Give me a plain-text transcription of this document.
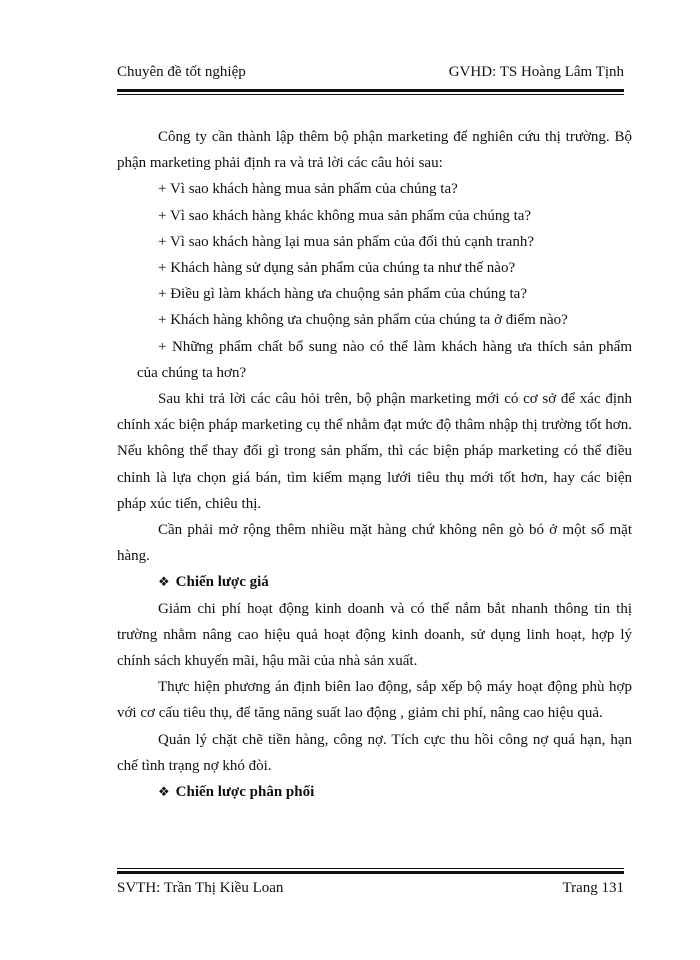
Chuyên đề tốt nghiệp	GVHD: TS Hoàng Lâm Tịnh

Công ty cần thành lập thêm bộ phận marketing để nghiên cứu thị trường. Bộ phận marketing phải định ra và trả lời các câu hỏi sau:

+ Vì sao khách hàng mua sản phẩm của chúng ta?

+ Vì sao khách hàng khác không mua sản phẩm của chúng ta?

+ Vì sao khách hàng lại mua sản phẩm của đối thủ cạnh tranh?

+ Khách hàng sử dụng sản phẩm của chúng ta như thế nào?

+ Điều gì làm khách hàng ưa chuộng sản phẩm của chúng ta?

+ Khách hàng không ưa chuộng sản phẩm của chúng ta ở điểm nào?

+ Những phẩm chất bổ sung nào có thể làm khách hàng ưa thích sản phẩm

của chúng ta hơn?

Sau khi trả lời các câu hỏi trên, bộ phận marketing mới có cơ sở để xác định chính xác biện pháp marketing cụ thể nhằm đạt mức độ thâm nhập thị trường tốt hơn. Nếu không thể thay đổi gì trong sản phẩm, thì các biện pháp marketing có thể điều chỉnh là lựa chọn giá bán, tìm kiếm mạng lưới tiêu thụ mới tốt hơn, hay các biện pháp xúc tiến, chiêu thị.

Cần phải mở rộng thêm nhiều mặt hàng chứ không nên gò bó ở một số mặt hàng.

❖ Chiến lược giá

Giảm chi phí hoạt động kinh doanh và có thể nắm bắt nhanh thông tin thị trường nhằm nâng cao hiệu quả hoạt động kinh doanh, sử dụng linh hoạt, hợp lý chính sách khuyến mãi, hậu mãi của nhà sản xuất.

Thực hiện phương án định biên lao động, sắp xếp bộ máy hoạt động phù hợp với cơ cấu tiêu thụ, để tăng năng suất lao động , giảm chi phí, nâng cao hiệu quả.

Quản lý chặt chẽ tiền hàng, công nợ. Tích cực thu hồi công nợ quá hạn, hạn chế tình trạng nợ khó đòi.

❖ Chiến lược phân phối

SVTH: Trần Thị Kiều Loan	Trang 131
